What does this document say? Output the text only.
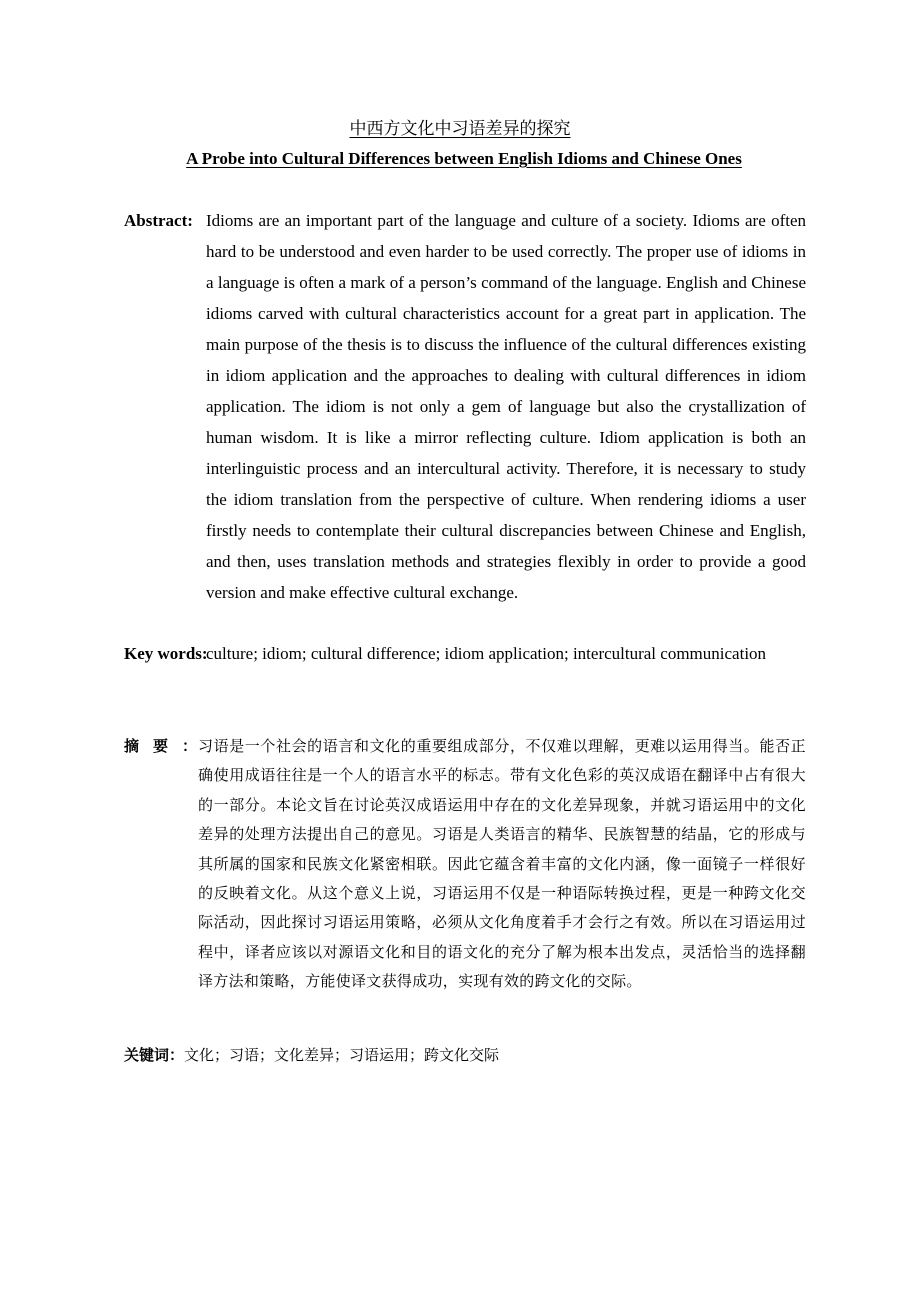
中西方文化中习语差异的探究
A Probe into Cultural Differences between English Idioms and Chinese Ones

Abstract: Idioms are an important part of the language and culture of a society. Idioms are often hard to be understood and even harder to be used correctly. The proper use of idioms in a language is often a mark of a person’s command of the language. English and Chinese idioms carved with cultural characteristics account for a great part in application. The main purpose of the thesis is to discuss the influence of the cultural differences existing in idiom application and the approaches to dealing with cultural differences in idiom application. The idiom is not only a gem of language but also the crystallization of human wisdom. It is like a mirror reflecting culture. Idiom application is both an interlinguistic process and an intercultural activity. Therefore, it is necessary to study the idiom translation from the perspective of culture. When rendering idioms a user firstly needs to contemplate their cultural discrepancies between Chinese and English, and then, uses translation methods and strategies flexibly in order to provide a good version and make effective cultural exchange.

Key words:
culture; idiom; cultural difference; idiom application; intercultural communication

摘要：
习语是一个社会的语言和文化的重要组成部分，不仅难以理解，更难以运用得当。能否正确使用成语往往是一个人的语言水平的标志。带有文化色彩的英汉成语在翻译中占有很大的一部分。本论文旨在讨论英汉成语运用中存在的文化差异现象，并就习语运用中的文化差异的处理方法提出自己的意见。习语是人类语言的精华、民族智慧的结晶，它的形成与其所属的国家和民族文化紧密相联。因此它蕴含着丰富的文化内涵，像一面镜子一样很好的反映着文化。从这个意义上说，习语运用不仅是一种语际转换过程，更是一种跨文化交际活动，因此探讨习语运用策略，必须从文化角度着手才会行之有效。所以在习语运用过程中，译者应该以对源语文化和目的语文化的充分了解为根本出发点，灵活恰当的选择翻译方法和策略，方能使译文获得成功，实现有效的跨文化的交际。

关键词：文化；习语；文化差异；习语运用；跨文化交际
